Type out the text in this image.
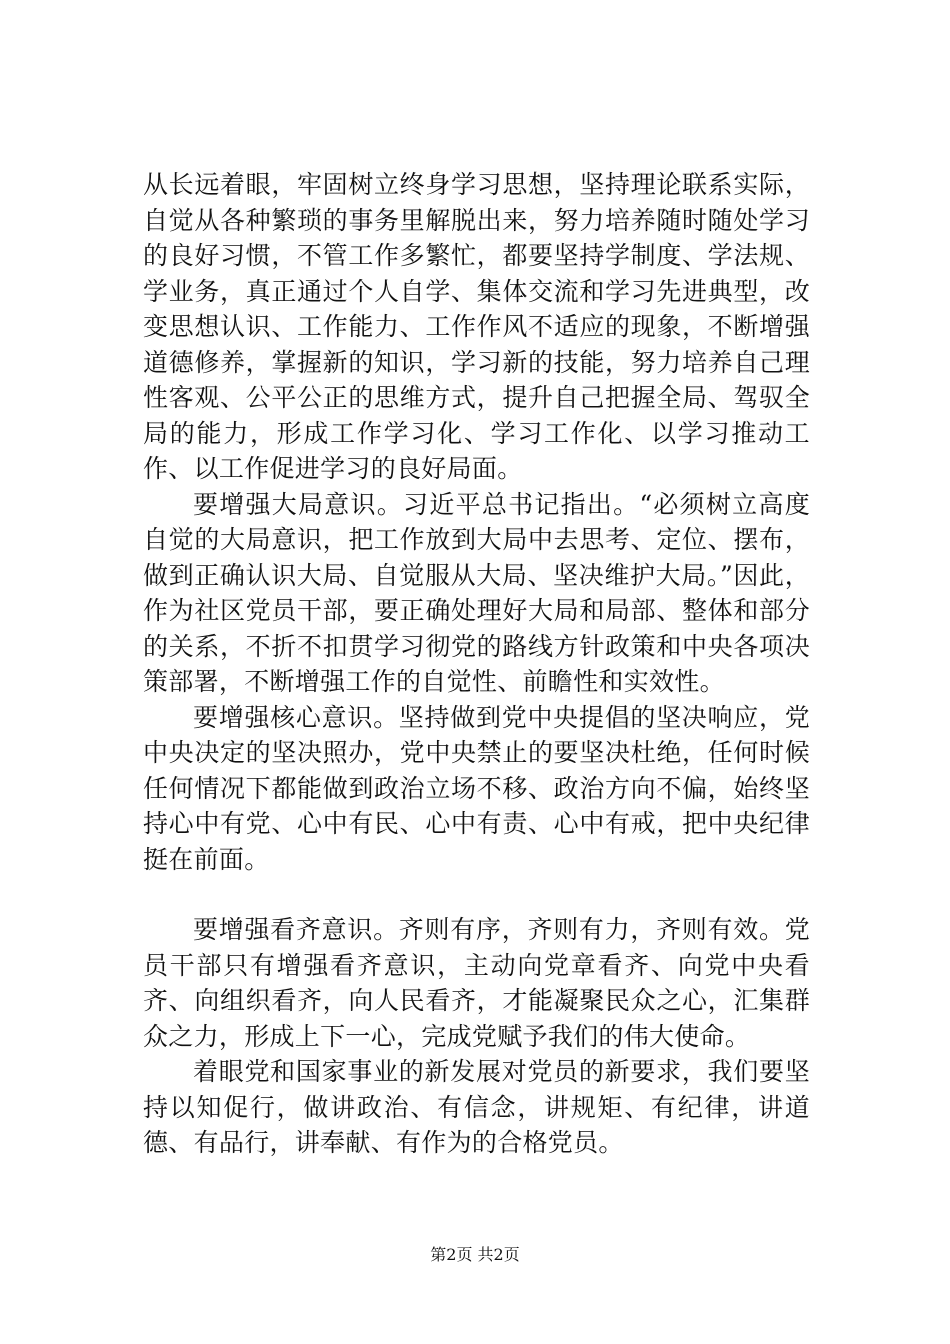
从长远着眼，牢固树立终身学习思想，坚持理论联系实际，自觉从各种繁琐的事务里解脱出来，努力培养随时随处学习的良好习惯，不管工作多繁忙，都要坚持学制度、学法规、学业务，真正通过个人自学、集体交流和学习先进典型，改变思想认识、工作能力、工作作风不适应的现象，不断增强道德修养，掌握新的知识，学习新的技能，努力培养自己理性客观、公平公正的思维方式，提升自己把握全局、驾驭全局的能力，形成工作学习化、学习工作化、以学习推动工作、以工作促进学习的良好局面。

要增强大局意识。习近平总书记指出。“必须树立高度自觉的大局意识，把工作放到大局中去思考、定位、摆布，做到正确认识大局、自觉服从大局、坚决维护大局。”因此，作为社区党员干部，要正确处理好大局和局部、整体和部分的关系，不折不扣贯学习彻党的路线方针政策和中央各项决策部署，不断增强工作的自觉性、前瞻性和实效性。

要增强核心意识。坚持做到党中央提倡的坚决响应，党中央决定的坚决照办，党中央禁止的要坚决杜绝，任何时候任何情况下都能做到政治立场不移、政治方向不偏，始终坚持心中有党、心中有民、心中有责、心中有戒，把中央纪律挺在前面。

要增强看齐意识。齐则有序，齐则有力，齐则有效。党员干部只有增强看齐意识，主动向党章看齐、向党中央看齐、向组织看齐，向人民看齐，才能凝聚民众之心，汇集群众之力，形成上下一心，完成党赋予我们的伟大使命。

着眼党和国家事业的新发展对党员的新要求，我们要坚持以知促行，做讲政治、有信念，讲规矩、有纪律，讲道德、有品行，讲奉献、有作为的合格党员。

第2页 共2页
